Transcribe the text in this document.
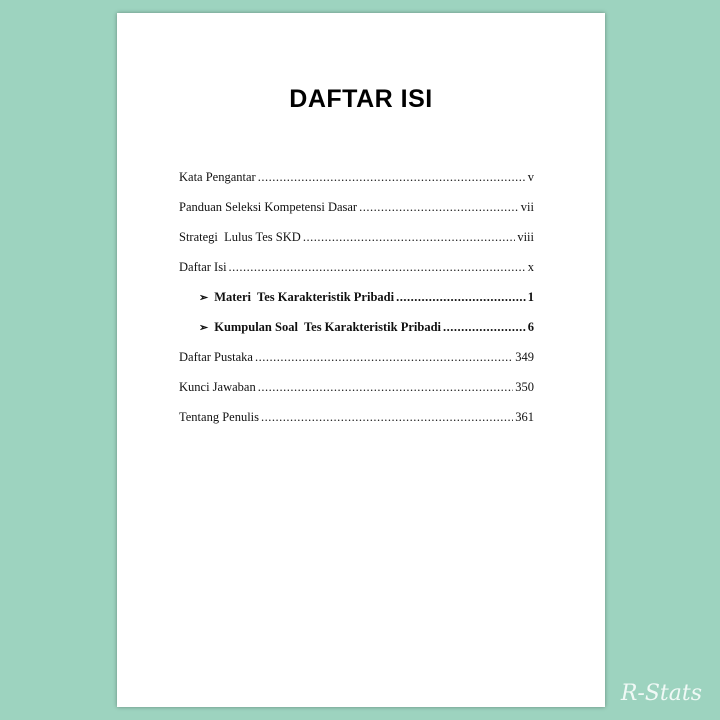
DAFTAR ISI
Kata Pengantar .....	v
Panduan Seleksi Kompetensi Dasar .....	vii
Strategi  Lulus Tes SKD .....	viii
Daftar Isi .....	x
➢ Materi  Tes Karakteristik Pribadi .....	1
➢ Kumpulan Soal  Tes Karakteristik Pribadi .....	6
Daftar Pustaka .....	349
Kunci Jawaban .....	350
Tentang Penulis .....	361
R-Stats
